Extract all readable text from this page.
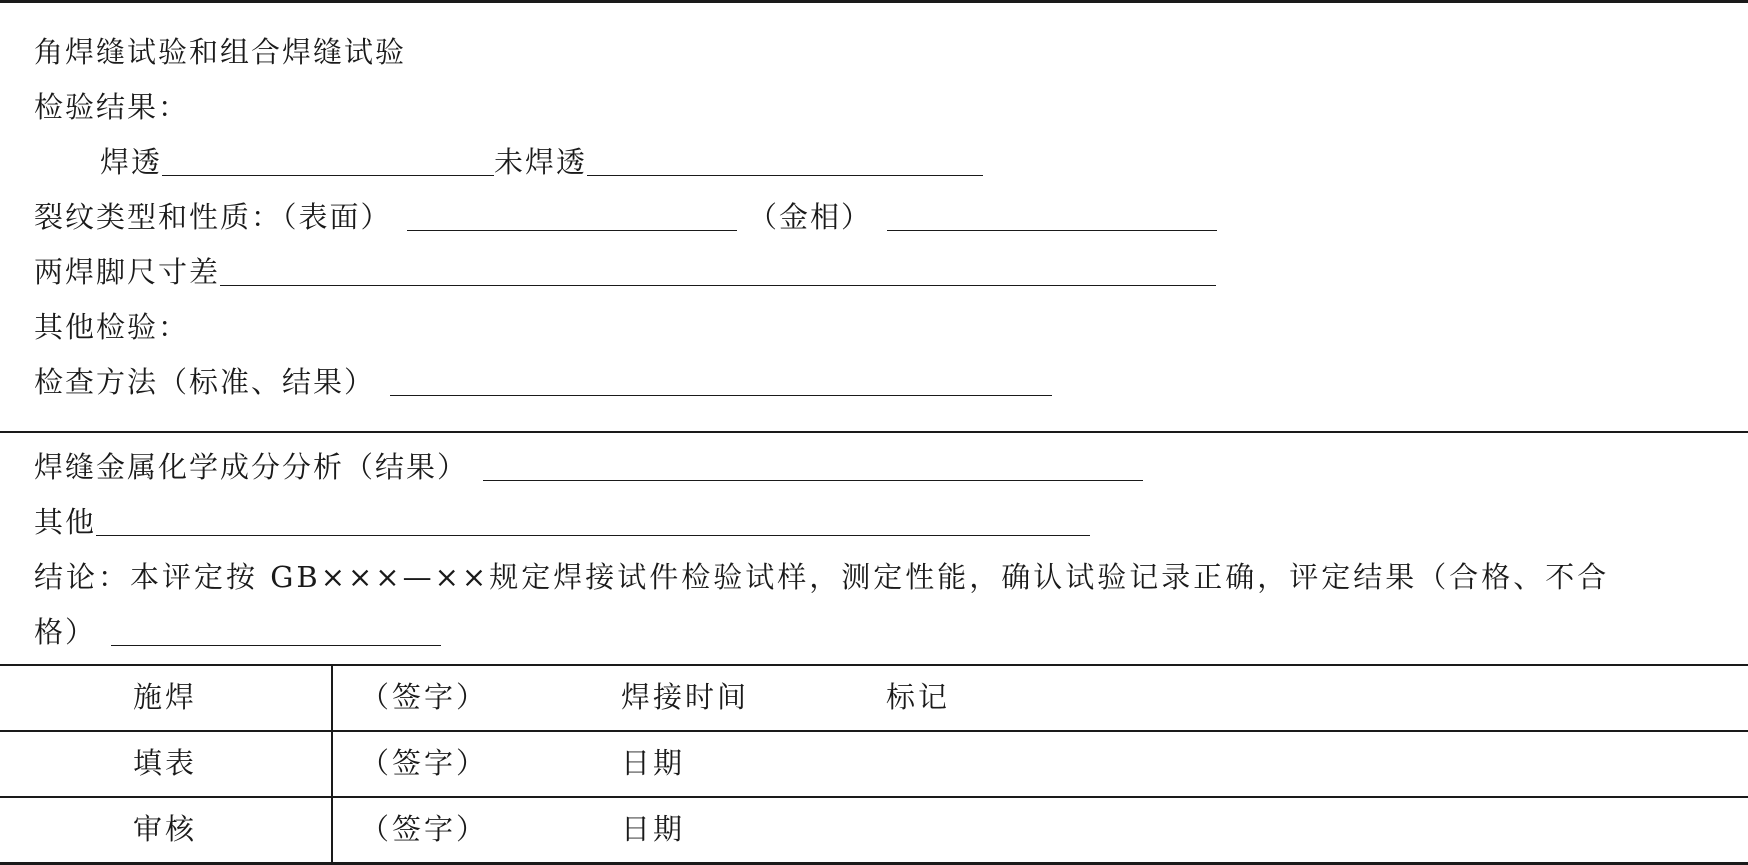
角焊缝试验和组合焊缝试验
检验结果：
焊透	未焊透
裂纹类型和性质：（表面）	（金相）
两焊脚尺寸差
其他检验：
检查方法（标准、结果）
焊缝金属化学成分分析（结果）
其他
结论：本评定按 GB×××—××规定焊接试件检验试样，测定性能，确认试验记录正确，评定结果（合格、不合
格）
施焊	（签字）	焊接时间	标记
填表	（签字）	日期
审核	（签字）	日期
